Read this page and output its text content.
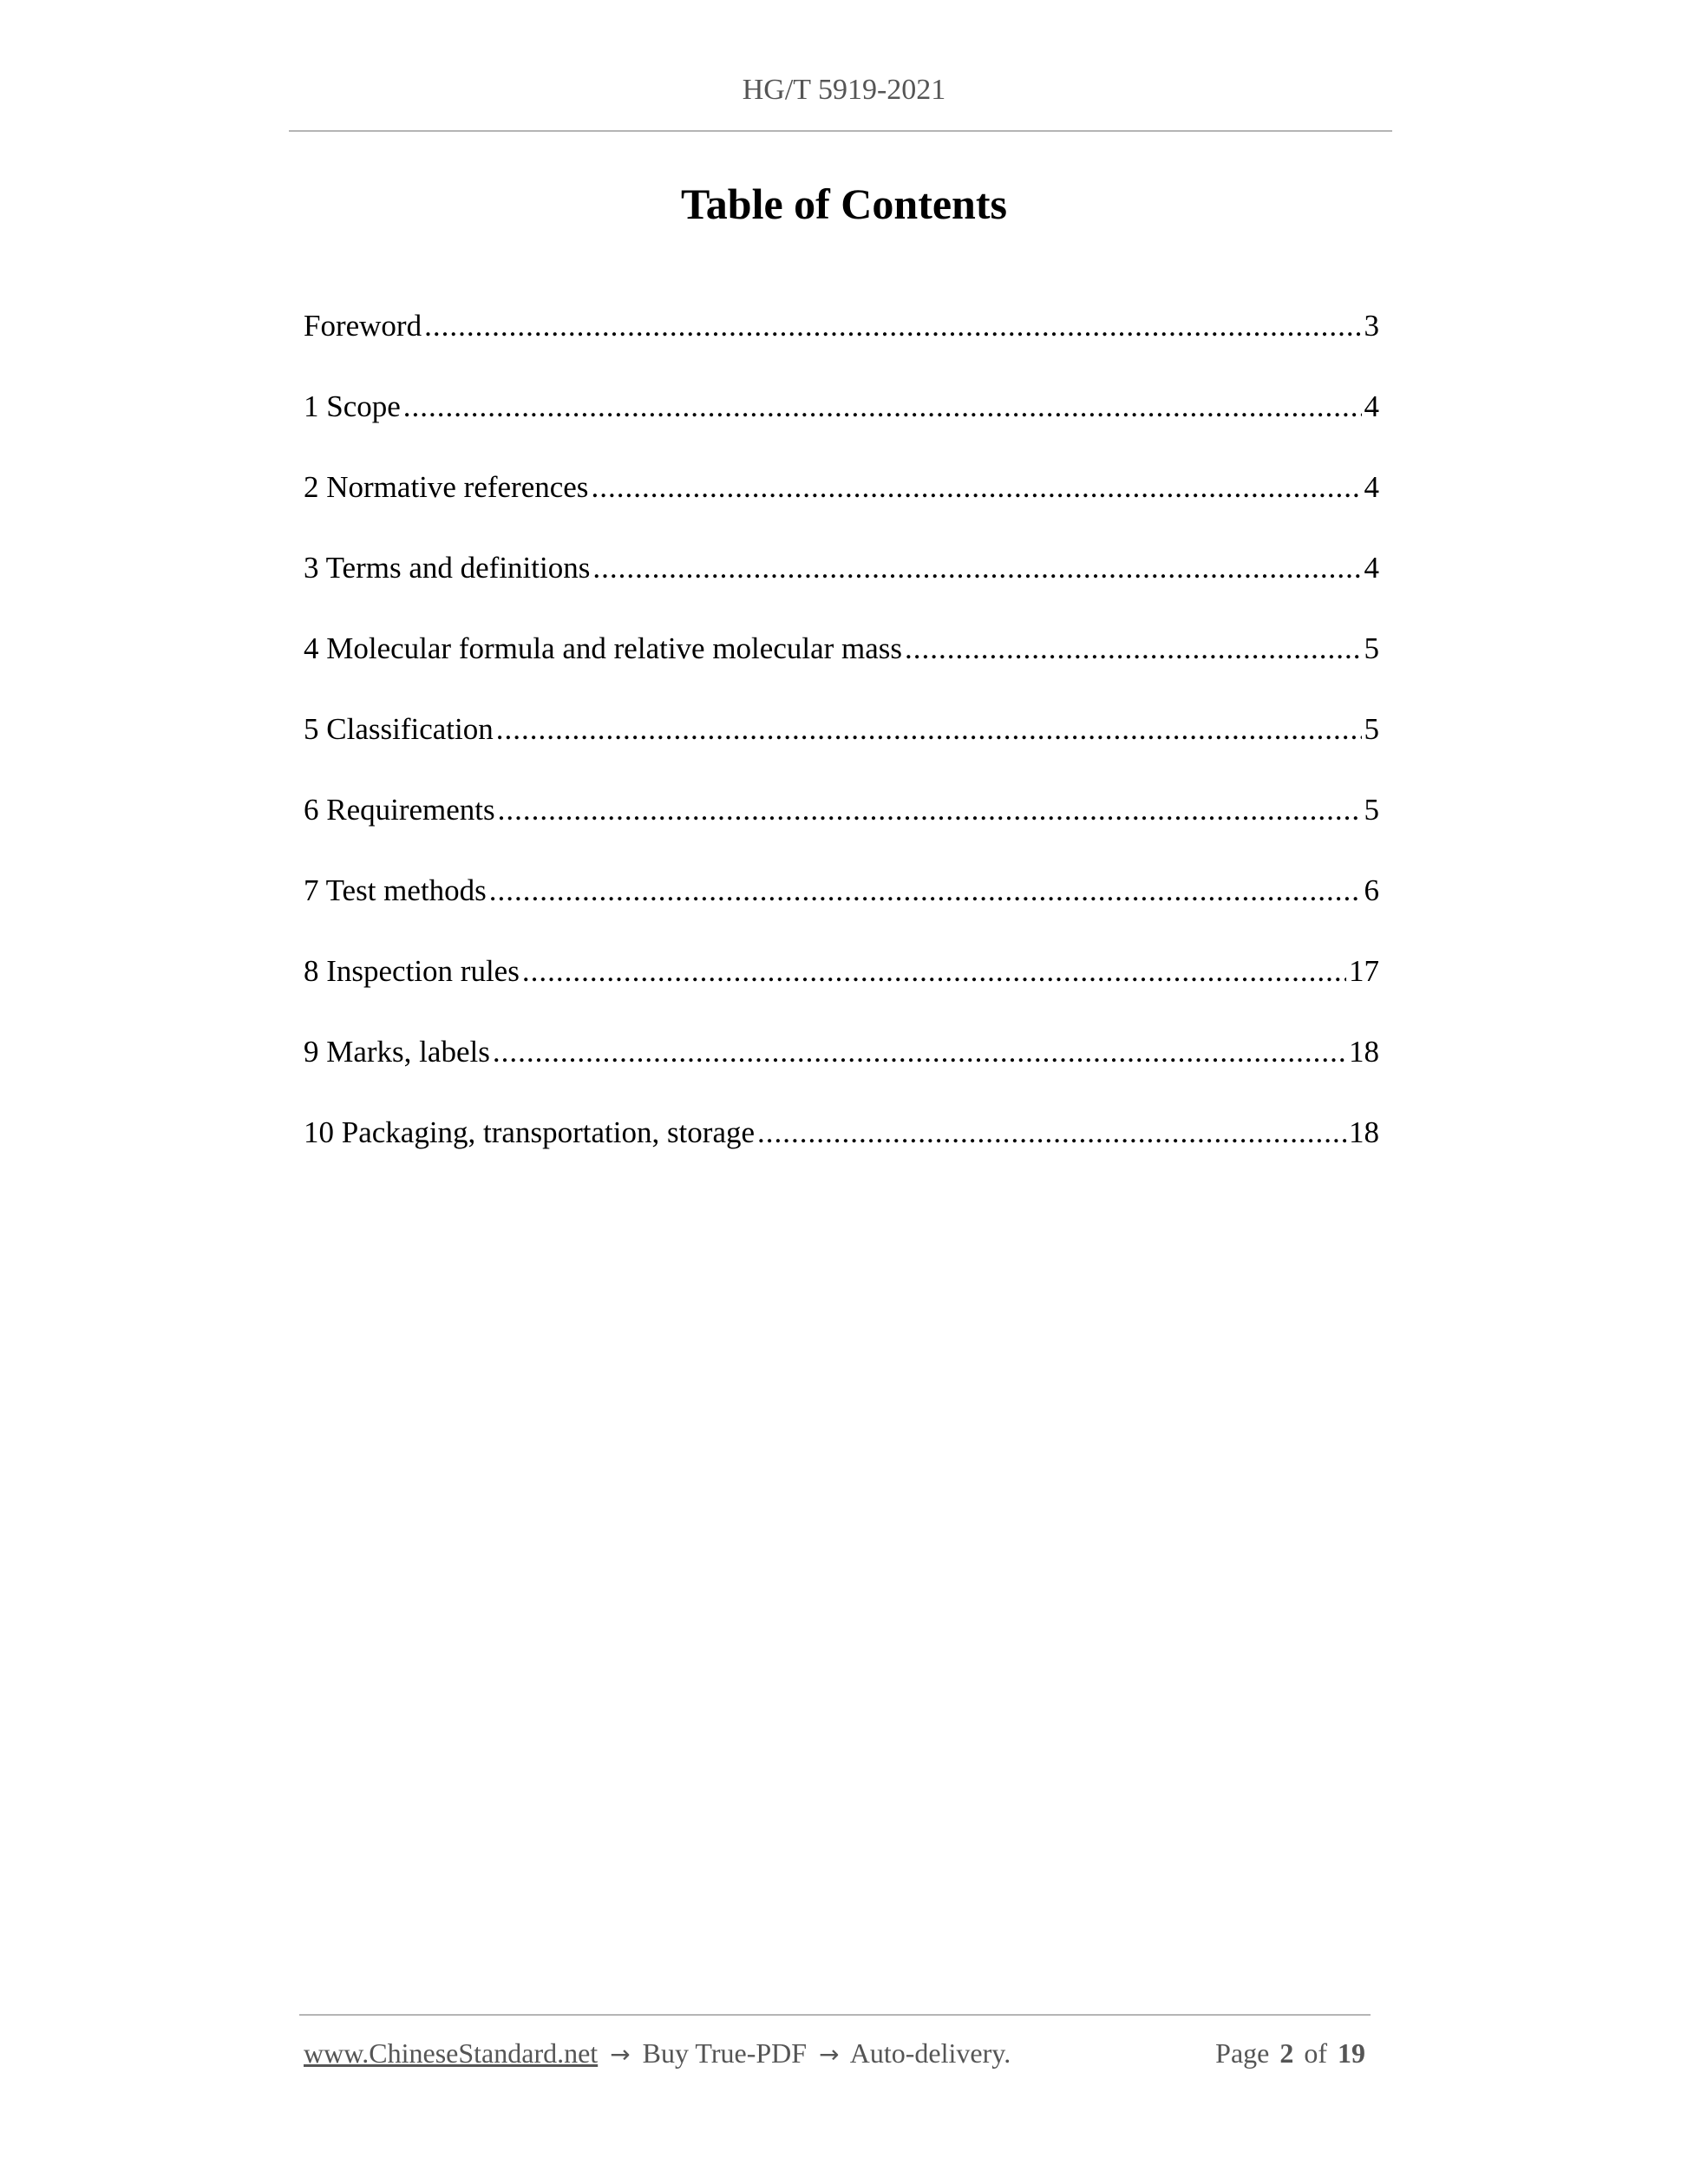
HG/T 5919-2021
Table of Contents
Foreword .....	3
1 Scope .....	4
2 Normative references .....	4
3 Terms and definitions .....	4
4 Molecular formula and relative molecular mass .....	5
5 Classification .....	5
6 Requirements .....	5
7 Test methods .....	6
8 Inspection rules .....	17
9 Marks, labels .....	18
10 Packaging, transportation, storage .....	18
www.ChineseStandard.net → Buy True-PDF → Auto-delivery.	Page 2 of 19
